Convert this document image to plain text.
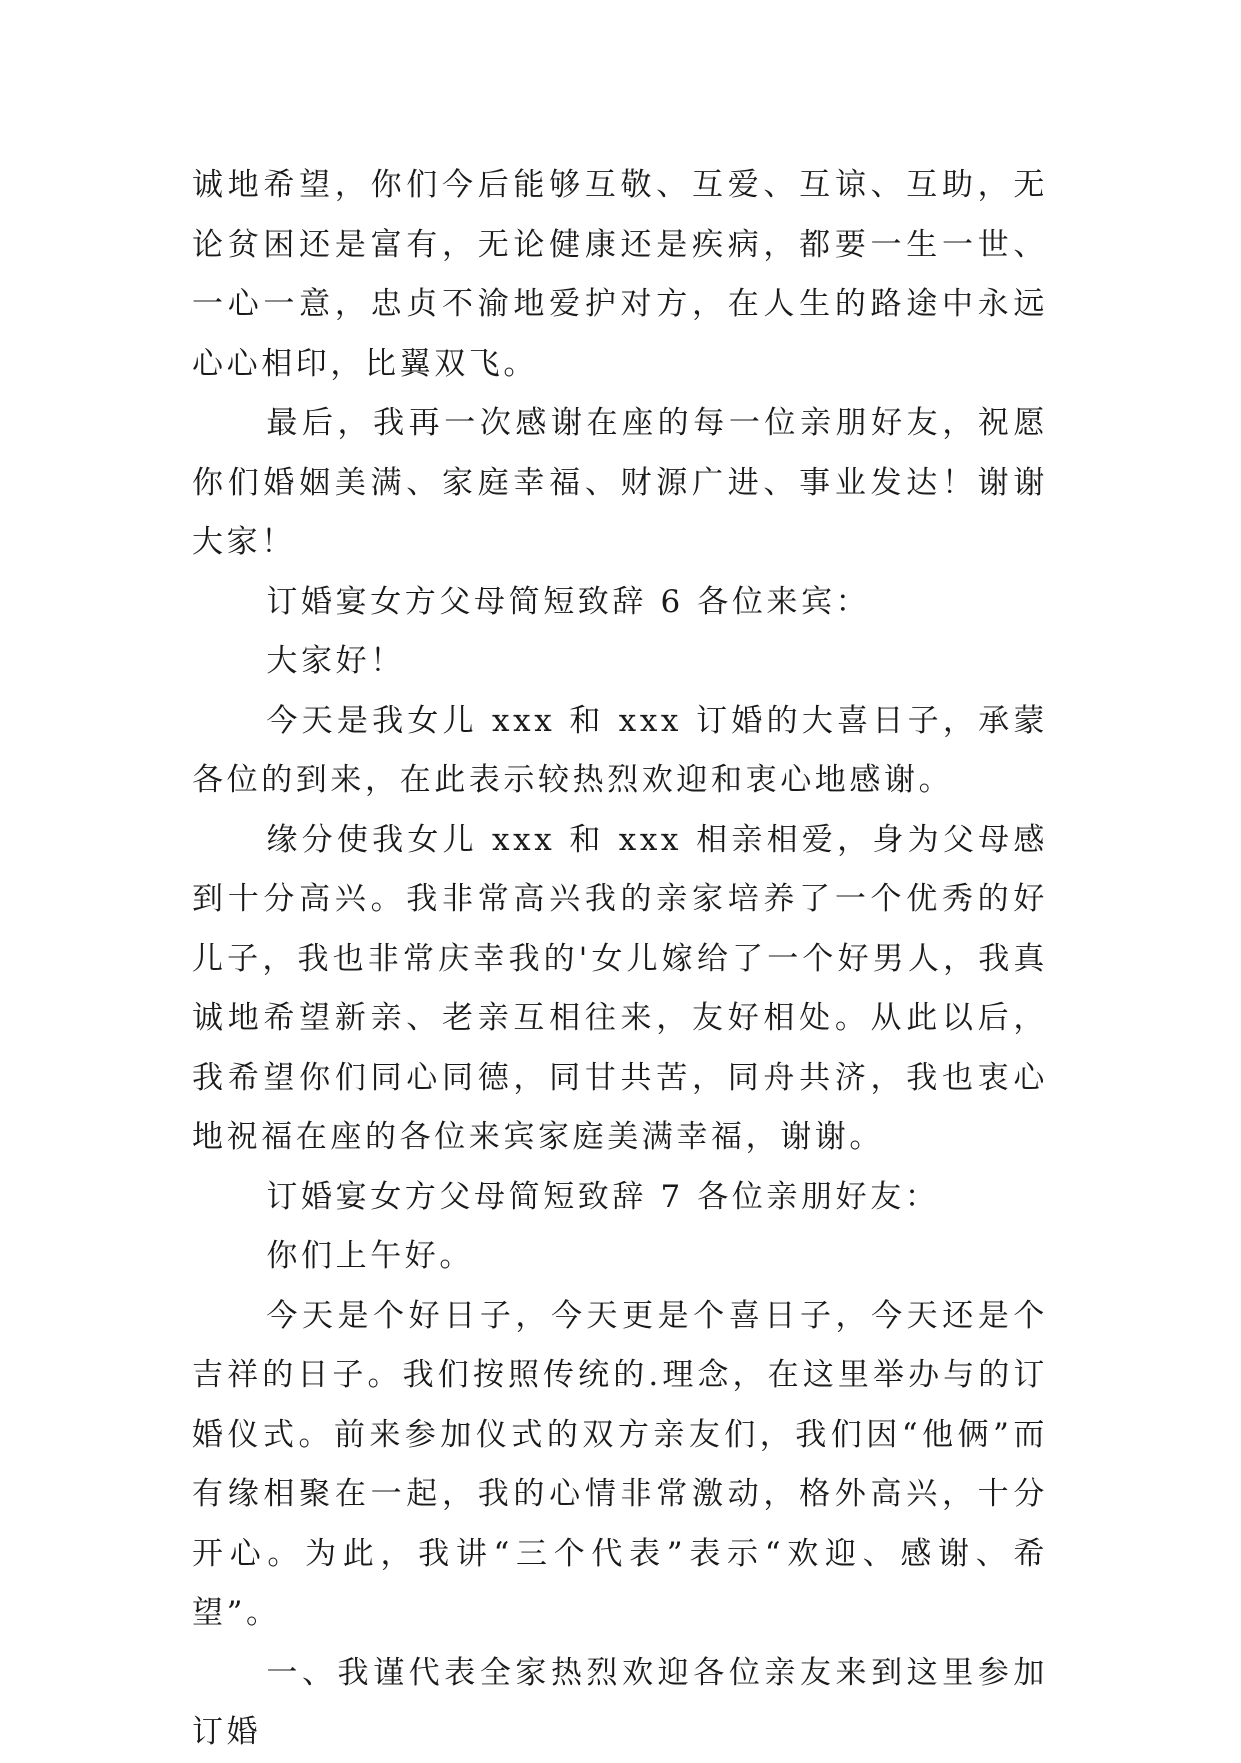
诚地希望，你们今后能够互敬、互爱、互谅、互助，无论贫困还是富有，无论健康还是疾病，都要一生一世、一心一意，忠贞不渝地爱护对方，在人生的路途中永远心心相印，比翼双飞。

最后，我再一次感谢在座的每一位亲朋好友，祝愿你们婚姻美满、家庭幸福、财源广进、事业发达！谢谢大家！

订婚宴女方父母简短致辞 6 各位来宾：

大家好！

今天是我女儿 xxx 和 xxx 订婚的大喜日子，承蒙各位的到来，在此表示较热烈欢迎和衷心地感谢。

缘分使我女儿 xxx 和 xxx 相亲相爱，身为父母感到十分高兴。我非常高兴我的亲家培养了一个优秀的好儿子，我也非常庆幸我的'女儿嫁给了一个好男人，我真诚地希望新亲、老亲互相往来，友好相处。从此以后，我希望你们同心同德，同甘共苦，同舟共济，我也衷心地祝福在座的各位来宾家庭美满幸福，谢谢。

订婚宴女方父母简短致辞 7 各位亲朋好友：

你们上午好。

今天是个好日子，今天更是个喜日子，今天还是个吉祥的日子。我们按照传统的.理念，在这里举办与的订婚仪式。前来参加仪式的双方亲友们，我们因“他俩”而有缘相聚在一起，我的心情非常激动，格外高兴，十分开心。为此，我讲“三个代表”表示“欢迎、感谢、希望”。

一、我谨代表全家热烈欢迎各位亲友来到这里参加订婚
